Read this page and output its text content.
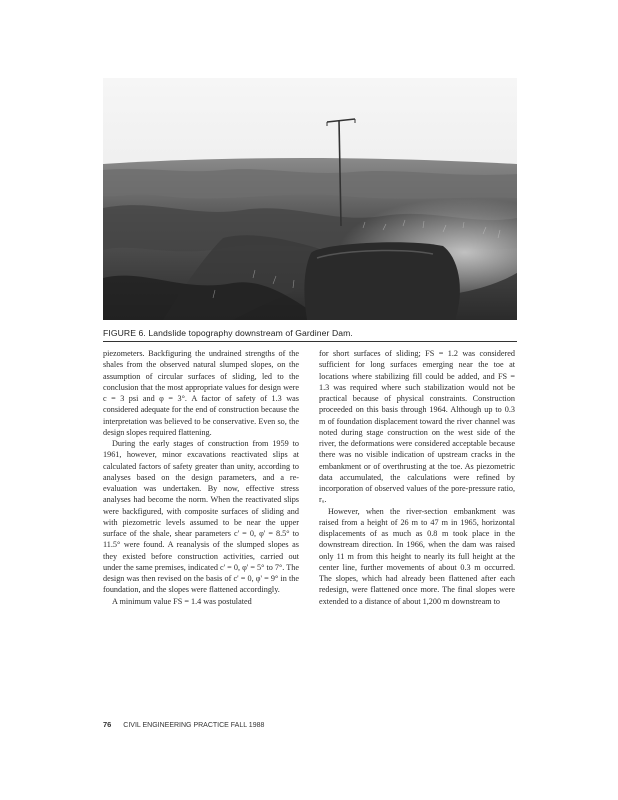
FIGURE 6. Landslide topography downstream of Gardiner Dam.

piezometers. Backfiguring the undrained strengths of the shales from the observed natural slumped slopes, on the assumption of circular surfaces of sliding, led to the conclusion that the most appropriate values for design were c = 3 psi and φ = 3°. A factor of safety of 1.3 was considered adequate for the end of construction because the interpretation was believed to be conservative. Even so, the design slopes required flattening.

During the early stages of construction from 1959 to 1961, however, minor excavations reactivated slips at calculated factors of safety greater than unity, according to analyses based on the design parameters, and a re-evaluation was undertaken. By now, effective stress analyses had become the norm. When the reactivated slips were backfigured, with composite surfaces of sliding and with piezometric levels assumed to be near the upper surface of the shale, shear parameters c' = 0, φ' = 8.5° to 11.5° were found. A reanalysis of the slumped slopes as they existed before construction activities, carried out under the same premises, indicated c' = 0, φ' = 5° to 7°. The design was then revised on the basis of c' = 0, φ' = 9° in the foundation, and the slopes were flattened accordingly.

A minimum value FS = 1.4 was postulated

for short surfaces of sliding; FS = 1.2 was considered sufficient for long surfaces emerging near the toe at locations where stabilizing fill could be added, and FS = 1.3 was required where such stabilization would not be practical because of physical constraints. Construction proceeded on this basis through 1964. Although up to 0.3 m of foundation displacement toward the river channel was noted during stage construction on the west side of the river, the deformations were considered acceptable because there was no visible indication of upstream cracks in the embankment or of overthrusting at the toe. As piezometric data accumulated, the calculations were refined by incorporation of observed values of the pore-pressure ratio, rᵤ.

However, when the river-section embankment was raised from a height of 26 m to 47 m in 1965, horizontal displacements of as much as 0.8 m took place in the downstream direction. In 1966, when the dam was raised only 11 m from this height to nearly its full height at the center line, further movements of about 0.3 m occurred. The slopes, which had already been flattened after each redesign, were flattened once more. The final slopes were extended to a distance of about 1,200 m downstream to

76 CIVIL ENGINEERING PRACTICE FALL 1988
